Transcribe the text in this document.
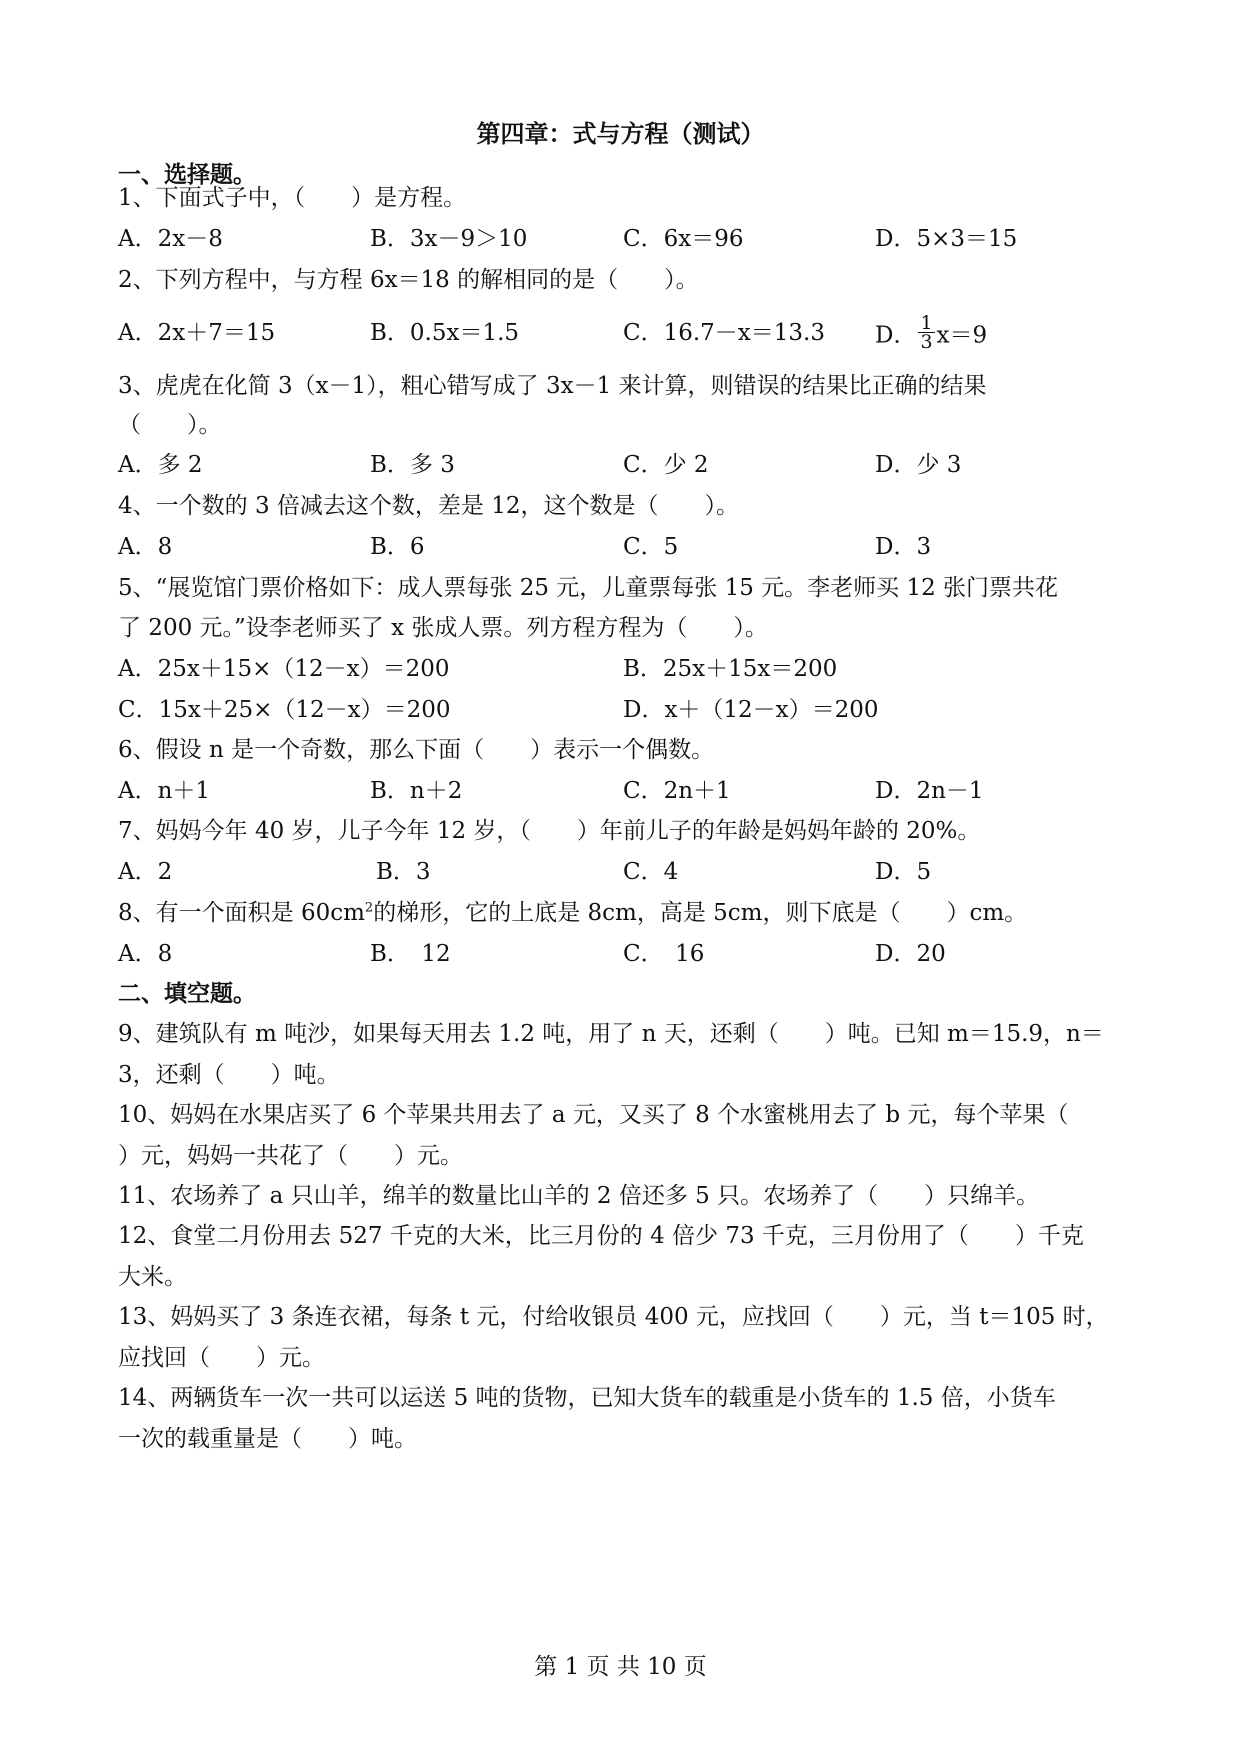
第四章：式与方程（测试）
一、选择题。
1、下面式子中，（　　）是方程。
A．2x－8	B．3x－9＞10	C．6x＝96	D．5×3＝15
2、下列方程中，与方程 6x＝18 的解相同的是（　　）。
A．2x＋7＝15	B．0.5x＝1.5	C．16.7－x＝13.3 D． $\frac{1}{3} x=9$
3、虎虎在化简 3（x－1），粗心错写成了 3x－1 来计算，则错误的结果比正确的结果
（　　）。
A．多 2	B．多 3	C．少 2	D．少 3
4、一个数的 3 倍减去这个数，差是 12，这个数是（　　）。
A．8	B．6	C．5	D．3
5、“展览馆门票价格如下：成人票每张 25 元，儿童票每张 15 元。李老师买 12 张门票共花
了 200 元。”设李老师买了 x 张成人票。列方程方程为（　　）。
A．25x＋15×（12－x）＝200	B．25x＋15x＝200
C．15x＋25×（12－x）＝200	D．x＋（12－x）＝200
6、假设 n 是一个奇数，那么下面（　　）表示一个偶数。
A．n＋1	B．n＋2	C．2n＋1	D．2n－1
7、妈妈今年 40 岁，儿子今年 12 岁，（　　）年前儿子的年龄是妈妈年龄的 20%。
A．2	B．3	C．4	D．5
8、有一个面积是 $60cm^2$的梯形，它的上底是 8cm，高是 5cm，则下底是（　　）cm。
A．8	B．　12	C．　16	D．20
二、填空题。
9、建筑队有 m 吨沙，如果每天用去 1.2 吨，用了 n 天，还剩（　　）吨。已知 m＝15.9，n＝
3，还剩（　　）吨。
10、妈妈在水果店买了 6 个苹果共用去了 a 元，又买了 8 个水蜜桃用去了 b 元，每个苹果（
）元，妈妈一共花了（　　）元。
11、农场养了 a 只山羊，绵羊的数量比山羊的 2 倍还多 5 只。农场养了（　　）只绵羊。
12、食堂二月份用去 527 千克的大米，比三月份的 4 倍少 73 千克，三月份用了（　　）千克
大米。
13、妈妈买了 3 条连衣裙，每条 t 元，付给收银员 400 元，应找回（　　）元，当 t＝105 时，
应找回（　　）元。
14、两辆货车一次一共可以运送 5 吨的货物，已知大货车的载重是小货车的 1.5 倍，小货车
一次的载重量是（　　）吨。
第 1 页 共 10 页
